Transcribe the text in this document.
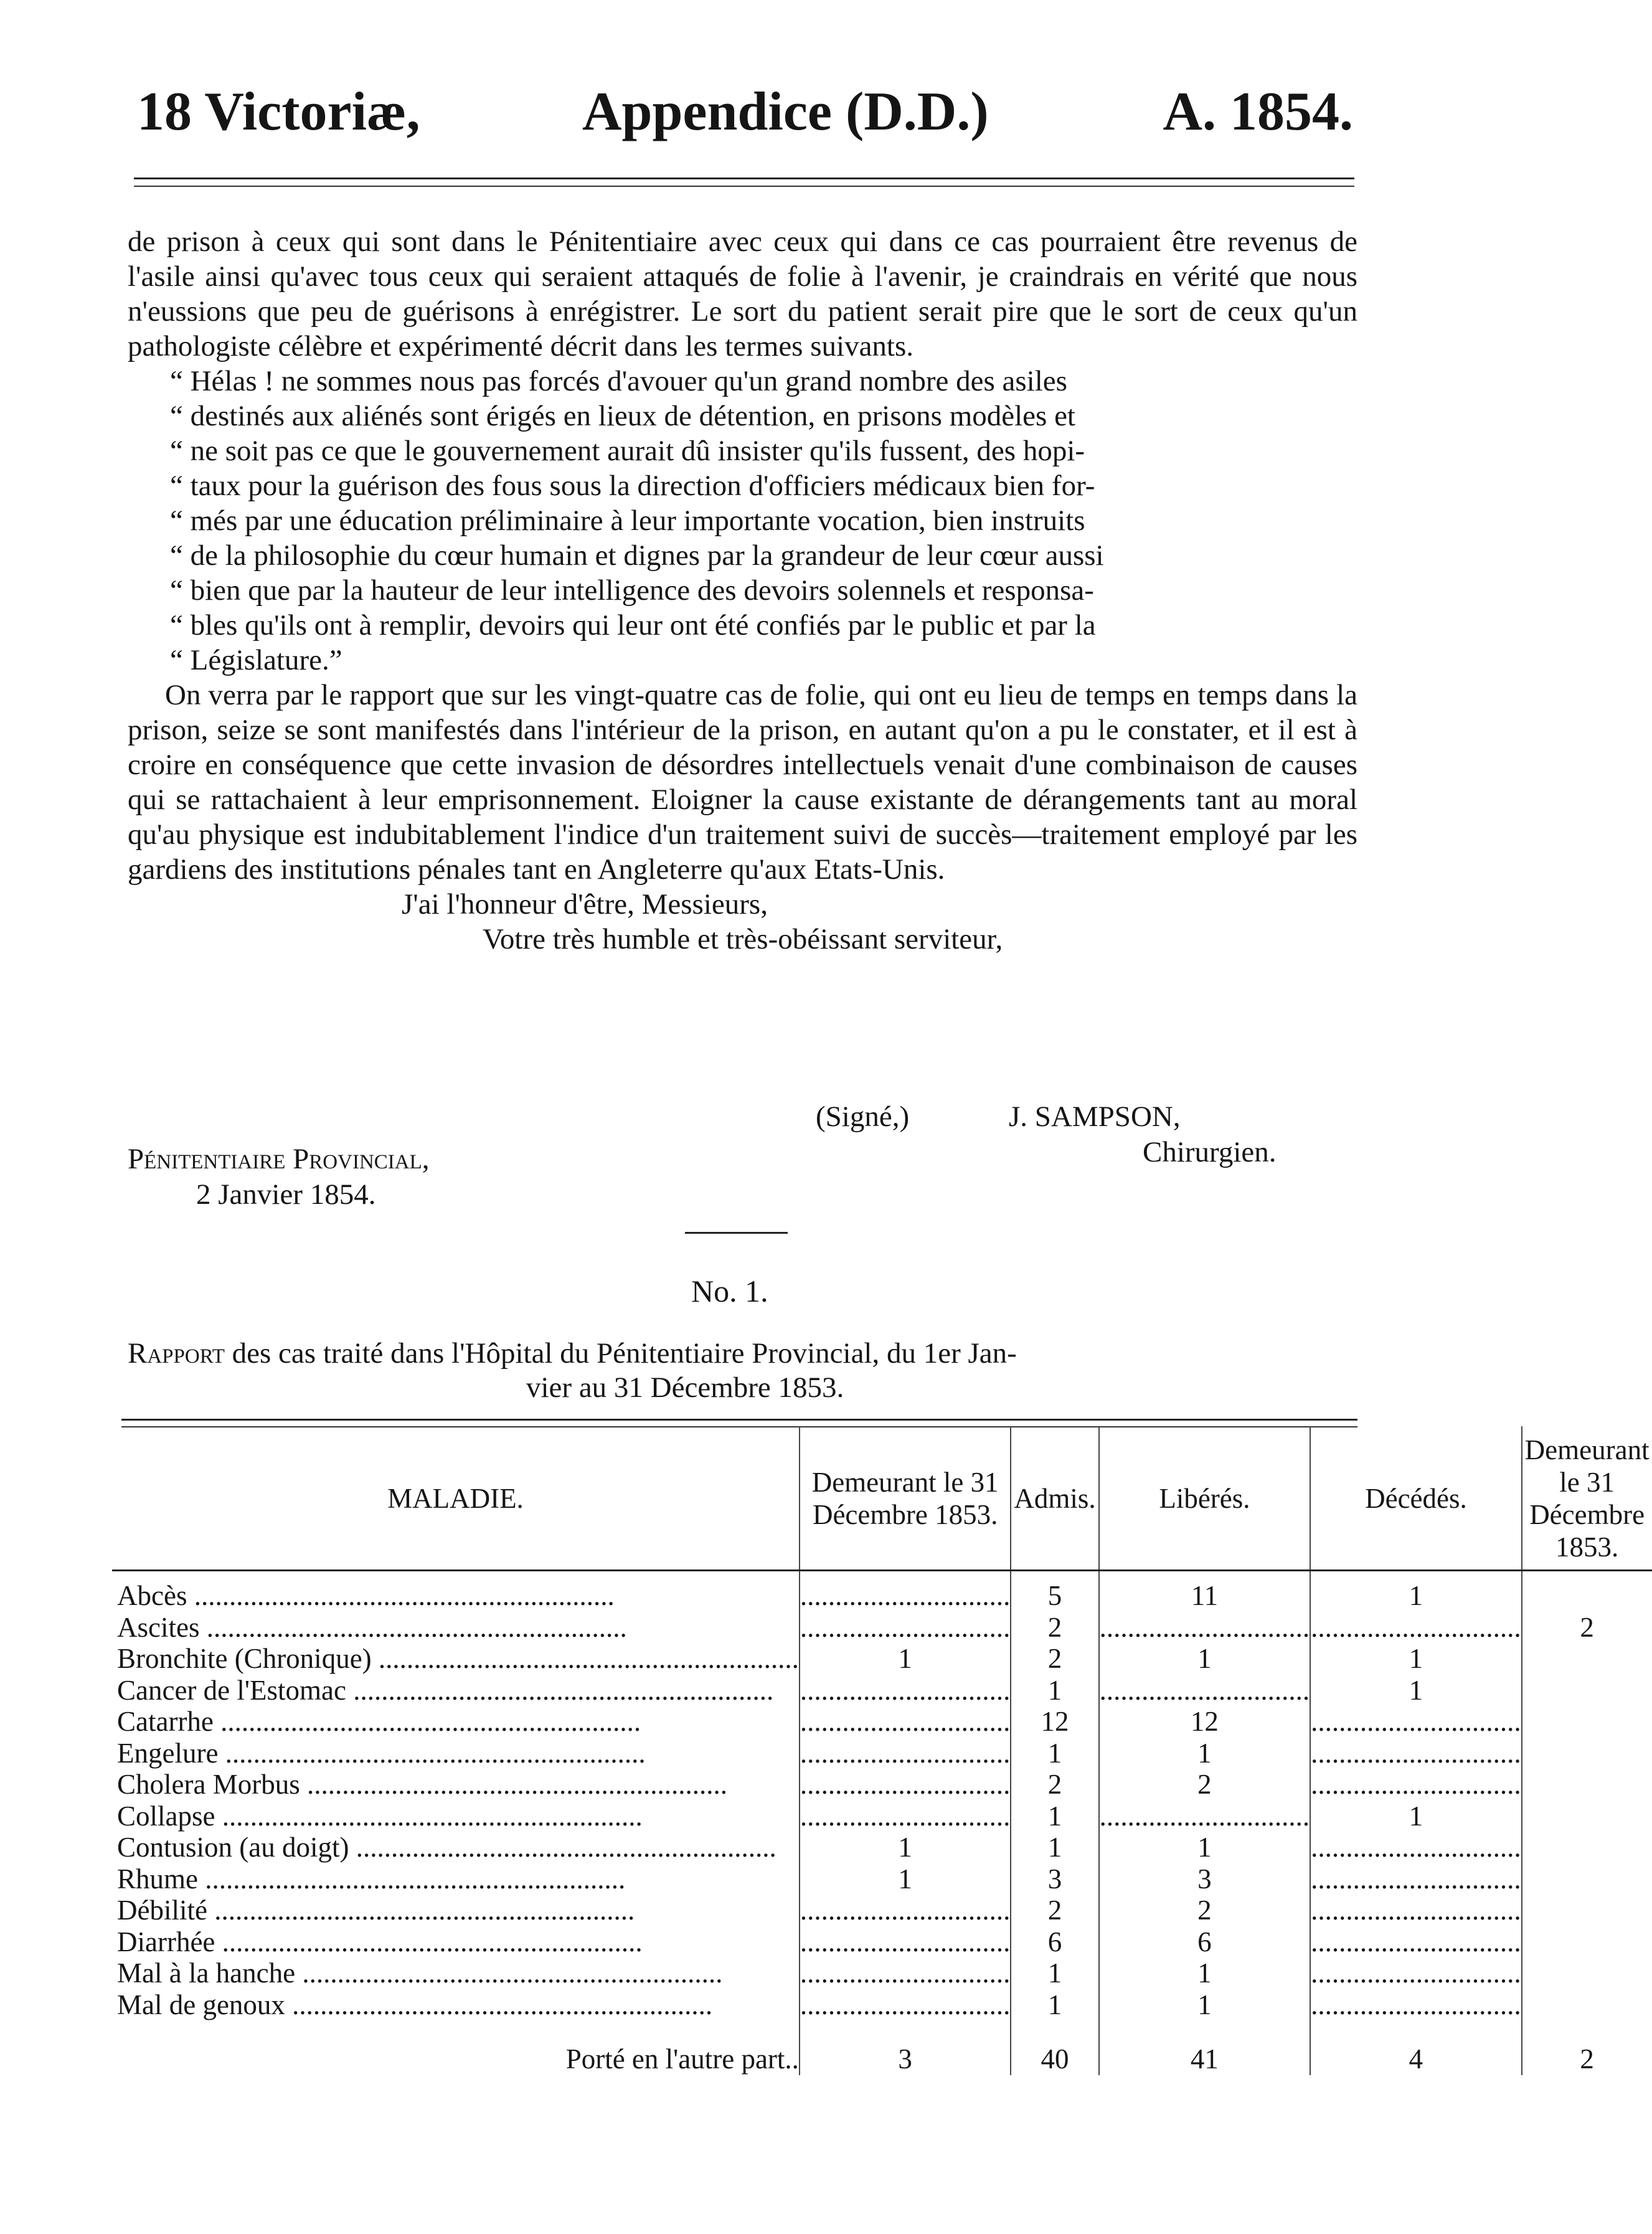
18 Victoriæ,	Appendice (D.D.)	A. 1854.

de prison à ceux qui sont dans le Pénitentiaire avec ceux qui dans ce cas pourraient être revenus de l'asile ainsi qu'avec tous ceux qui seraient attaqués de folie à l'avenir, je craindrais en vérité que nous n'eussions que peu de guérisons à enrégistrer. Le sort du patient serait pire que le sort de ceux qu'un pathologiste célèbre et expérimenté décrit dans les termes suivants.

“ Hélas ! ne sommes nous pas forcés d'avouer qu'un grand nombre des asiles

“ destinés aux aliénés sont érigés en lieux de détention, en prisons modèles et

“ ne soit pas ce que le gouvernement aurait dû insister qu'ils fussent, des hopi-

“ taux pour la guérison des fous sous la direction d'officiers médicaux bien for-

“ més par une éducation préliminaire à leur importante vocation, bien instruits

“ de la philosophie du cœur humain et dignes par la grandeur de leur cœur aussi

“ bien que par la hauteur de leur intelligence des devoirs solennels et responsa-

“ bles qu'ils ont à remplir, devoirs qui leur ont été confiés par le public et par la

“ Législature.”

On verra par le rapport que sur les vingt-quatre cas de folie, qui ont eu lieu de temps en temps dans la prison, seize se sont manifestés dans l'intérieur de la prison, en autant qu'on a pu le constater, et il est à croire en conséquence que cette invasion de désordres intellectuels venait d'une combinaison de causes qui se rattachaient à leur emprisonnement. Eloigner la cause existante de dérangements tant au moral qu'au physique est indubitablement l'indice d'un traitement suivi de succès—traitement employé par les gardiens des institutions pénales tant en Angleterre qu'aux Etats-Unis.

J'ai l'honneur d'être, Messieurs,

Votre très humble et très-obéissant serviteur,

(Signé,)	J. SAMPSON,
Chirurgien.
Pénitentiaire Provincial,
2 Janvier 1854.
No. 1.
Rapport des cas traité dans l'Hôpital du Pénitentiaire Provincial, du 1er Jan-
vier au 31 Décembre 1853.
MALADIE.	Demeurant le 31 Décembre 1853.	Admis.	Libérés.	Décédés.	Demeurant le 31 Décembre 1853.

Abcès ............................................................	..............................	5	11	1	
Ascites ............................................................	..............................	2	..............................	..............................	2
Bronchite (Chronique) ............................................................	1	2	1	1	
Cancer de l'Estomac ............................................................	..............................	1	..............................	1	
Catarrhe ............................................................	..............................	12	12	..............................	
Engelure ............................................................	..............................	1	1	..............................	
Cholera Morbus ............................................................	..............................	2	2	..............................	
Collapse ............................................................	..............................	1	..............................	1	
Contusion (au doigt) ............................................................	1	1	1	..............................	
Rhume ............................................................	1	3	3	..............................	
Débilité ............................................................	..............................	2	2	..............................	
Diarrhée ............................................................	..............................	6	6	..............................	
Mal à la hanche ............................................................	..............................	1	1	..............................	
Mal de genoux ............................................................	..............................	1	1	..............................	
Porté en l'autre part..	3	40	41	4	2
